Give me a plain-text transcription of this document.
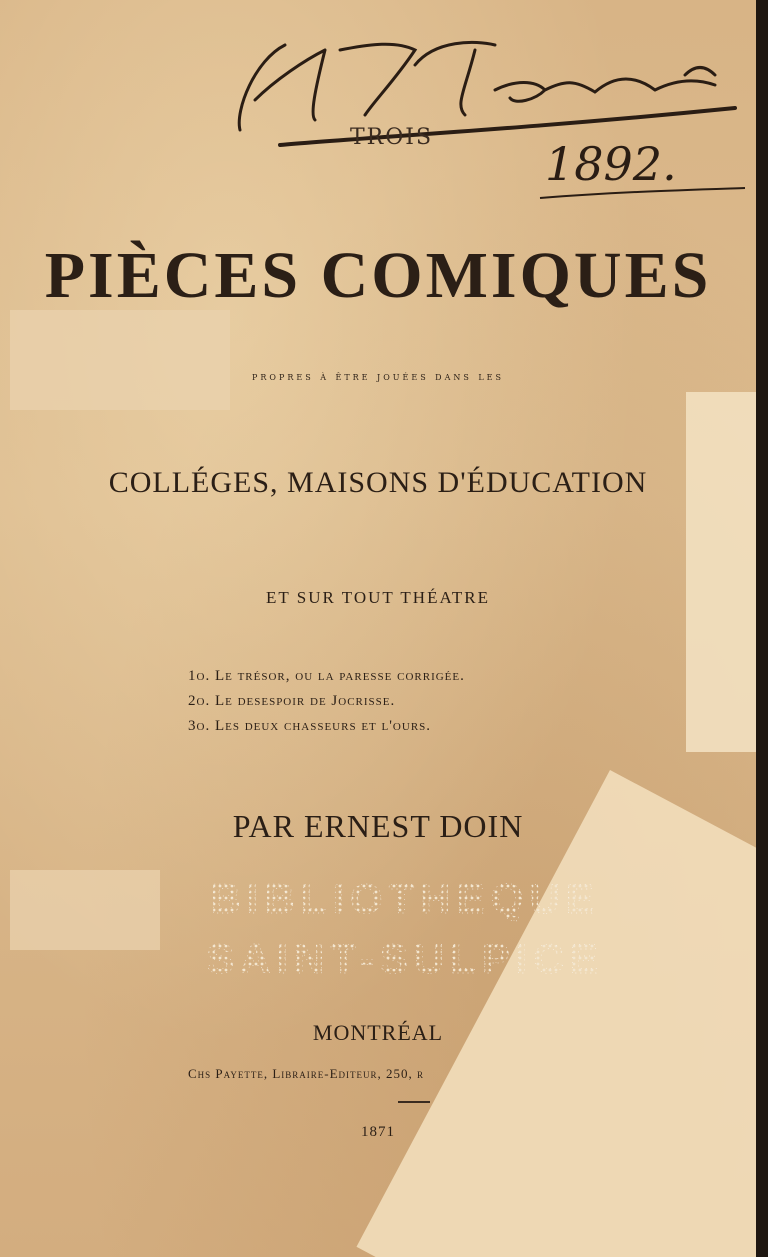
1892.
TROIS
PIÈCES COMIQUES
propres à être jouées dans les
COLLÉGES, MAISONS D'ÉDUCATION
ET SUR TOUT THÉATRE
1o. Le trésor, ou la paresse corrigée.
2o. Le desespoir de Jocrisse.
3o. Les deux chasseurs et l'ours.
PAR ERNEST DOIN
BIBLIOTHEQUE
SAINT-SULPICE
MONTRÉAL
Chs Payette, Libraire-Editeur, 250, r
1871
